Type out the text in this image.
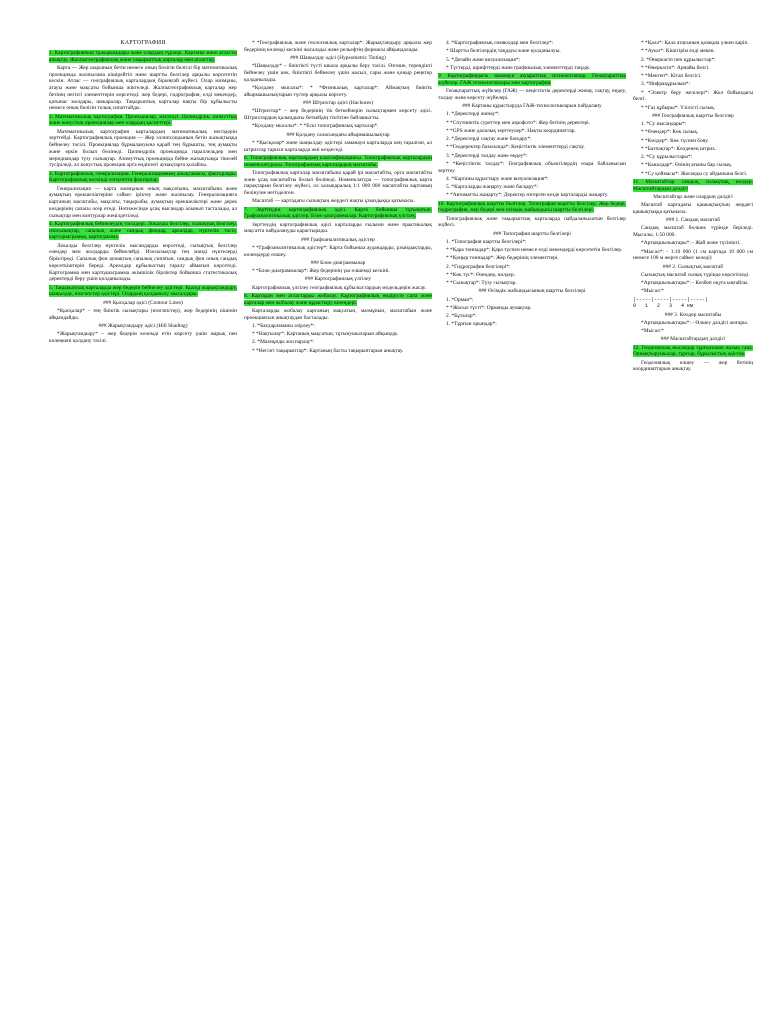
КАРТОГРАФИЯ

1. Картографияның тұжырымдары және олардың түрлері. Картаны және атласты анықтау. Жалпыгеографиялық және тақырыптық карталар мен атластар.

Карта — Жер шарының бетін немесе оның бөлігін белгілі бір математикалық проекцияда жалпылама кішірейтіп және шартты белгілер арқылы көрсететін кескін. Атлас — географиялық карталардың бірыңғай жүйесі. Олар мазмұны, атауы және мақсаты бойынша жіктеледі. Жалпыгеографиялық карталар жер бетінің негізгі элементтерін көрсетеді: жер бедері, гидрография, елді мекендер, қатынас жолдары, шекаралар. Тақырыптық карталар нақты бір құбылысты немесе оның бөлігін толық сипаттайды.

2. Математикалық картография. Проекциялар, жіктелуі. Цилиндрлік, азимуттық және конустық проекциялар мен олардың қасиеттері.

Математикалық картография карталардың математикалық негіздерін зерттейді. Картографиялық проекция — Жер эллипсоидының бетін жазықтыққа бейнелеу тәсілі. Проекциялар бұрмалануына қарай тең бұрышты, тең аумақты және еркін болып бөлінеді. Цилиндрлік проекцияда параллельдер мен меридиандар түзу сызықтар. Азимуттық проекцияда бейне жазықтыққа тікелей түсіріледі, ал конустық проекция орта ендіктегі аумақтарға қолайлы.

3. Картографиялық генерализация. Генерализацияның анықтамасы, факторлары. Картографиялық кескінді өзгертетін факторлар.

Генерализация — карта мазмұнын оның мақсатына, масштабына және аумақтың ерекшеліктеріне сәйкес іріктеу және жалпылау. Генерализацияға картаның масштабы, мақсаты, тақырыбы, аумақтың ерекшеліктері және дерек көздерінің сапасы әсер етеді. Нәтижесінде ұсақ нысандар алынып тасталады, ал сызықтар мен контурлар жеңілдетіледі.

4. Картографиялық бейнелеудің тәсілдері. Локалды белгілер, сызықтық белгілер, изосызықтар, сапалық және сандық фондар, ареалдар, нүктелік тәсіл, картодиаграмма, картограмма.

Локалды белгілер нүктелік нысандарды көрсетеді, сызықтық белгілер өзендер мен жолдарды бейнелейді. Изосызықтар тең мәнді нүктелерді біріктіреді. Сапалық фон аумақтың сапалық сипатын, сандық фон оның сандық көрсеткіштерін береді. Ареалдар құбылыстың таралу аймағын көрсетеді. Картограмма мен картодиаграмма әкімшілік бірліктер бойынша статистикалық деректерді беру үшін қолданылады.

5. Тақырыптық карталарда жер бедерін бейнелеу әдістері. Қысқа жарықтандыру, шаңылдау, изогипстер әдістері. Олардың қолданылу мысалдары.

### Қысқалар әдісі (Contour Lines)

*Қысқалар* – тең биіктік сызықтары (изогипстер), жер бедерінің пішінін айқындайды.

### Жарықтандыру әдісі (Hill Shading)

*Жарықтандыру* – жер бедерін көлемді етіп көрсету үшін жарық пен көлеңкені қолдану тәсілі.

* *Географиялық және геологиялық карталар*: Жарықтандыру арқылы жер бедерінің көлемді кескіні жасалады және рельефтің формасы айқындалады.

### Шаңылдау әдісі (Hypsometric Tinting)

*Шаңылдау* – биіктікті түсті шкала арқылы беру тәсілі. Өзгеше, тереңдікті бейнелеу үшін көк, биіктікті бейнелеу үшін жасыл, сары және қоңыр реңктер қолданылады.

*Қолдану мысалы*: * *Физикалық карталар*: Аймақтың биіктік айырмашылықтарын түстер арқылы көрсету.

### Штрихтар әдісі (Hachures)

*Штрихтар* – жер бедерінің тік беткейлерін сызықтармен көрсету әдісі. Штрихтардың қалыңдығы беткейдің тіктігіне байланысты.

*Қолдану мысалы*: * *Ескі топографиялық карталар*.

### Қолдану саласындағы айырмашылықтар

* *Қысқалар* және шаңылдау әдістері заманауи карталарда кең таралған, ал штрихтар тарихи карталарда жиі кездеседі.

6. Топографиялық карталардың классификациясы. Топографиялық карталардың номенклатурасы. Топографиялық карталардың масштабы.

Топографиялық карталар масштабына қарай ірі масштабты, орта масштабты және ұсақ масштабты болып бөлінеді. Номенклатура — топографиялық карта парақтарын белгілеу жүйесі, ол халықаралық 1:1 000 000 масштабты картаның бөлінуіне негізделген.

Масштаб — картадағы сызықтың жердегі нақты ұзындыққа қатынасы.

7. Зерттеудің картографиялық әдісі. Карта бойынша тұтынатын. Графоаналитикалық әдістер. Блок-диаграммалар. Картографиялық үлгілеу.

Зерттеудің картографиялық әдісі карталарды ғылыми және практикалық мақсатта пайдалануды қарастырады.

### Графоаналитикалық әдістер

* *Графоаналитикалық әдістер*: Карта бойынша аудандарды, ұзындықтарды, көлемдерді өлшеу.

### Блок-диаграммалар

* *Блок-диаграммалар*: Жер бедерінің үш өлшемді кескіні.

### Картографиялық үлгілеу

Картографиялық үлгілеу географиялық құбылыстардың модельдерін жасау.

8. Картадан мен атластарды жобалау. Картографиялық өндірісте сапа және карталар мен жобалау және құрастыру кезеңдері.

Карталарды жобалау картаның мақсатын, мазмұнын, масштабын және проекциясын анықтаудан басталады.

1. *Бағдарламаны әзірлеу*:

* *Нақтылау*: Картаның мақсатын, тұтынушыларын айқындау.

2. *Мазмұнды жоспарлау*:

* *Негізгі тақырыптар*: Картаның басты тақырыптарын анықтау.

4. *Картографиялық символдар мен белгілер*:

* Шартты белгілердің таңдауы және қолданылуы.

5. *Дизайн және визуализация*:

* Түстерді, шрифттерді және графикалық элементтерді таңдау.

9. Картографиядағы заманауи ақпараттық технологиялар. Геоақпараттық жүйелер. ГАЖ технологиялары мен картография.

Геоақпараттық жүйелер (ГАЖ) — кеңістіктік деректерді жинау, сақтау, өңдеу, талдау және көрсету жүйелері.

### Картаны құрастыруда ГАЖ-технологияларын пайдалану

1. *Деректерді жинау*:

* *Спутниктік суреттер мен аэрофото*: Жер бетінің деректері.

* *GPS және далалық зерттеулер*: Нақты координаттар.

2. *Деректерді сақтау және басқару*:

* *Геодеректер базасында*: Кеңістіктік элементтерді сақтау.

3. *Деректерді талдау және өңдеу*:

* *Кеңістіктік талдау*: Географиялық объектілердің өзара байланысын зерттеу.

4. *Картаны құрастыру және визуализация*:

5. *Карталарды жаңарту және басқару*:

* *Автоматты жаңарту*: Деректер өзгерген кезде карталарды жаңарту.

10. Картографиялық шартты белгілер. Топография шартты белгілер. Жер бедері, гидрография, жер бедері мен өсімдік жабындысы шартты белгілері.

Топографиялық және тақырыптық карталарда пайдаланылатын белгілер жүйесі.

### Топография шартты белгілері

1. *Топография шартты белгілері*:

* *Қара тоннадар*: Қара түспен немесе елді мекендерді көрсететін белгілер.

* *Қоңыр тоннадар*: Жер бедерінің элементтері.

2. *Гидрография белгілері*:

* *Көк түс*: Өзендер, көлдер.

* *Сызықтар*: Түзу сызықтар.

### Өсімдік жабындысының шартты белгілері

1. *Орман*:

* *Жасыл түсті*: Орманды аумақтар.

2. *Бұталар*:

1. *Тұрғын орындар*:

* *Қала*: Қала атауының қазақша үлкен қаріп.

* *Ауыл*: Кішігірім елді мекен.

2. *Өнеркәсіп пен құрылыстар*:

* *Өнеркәсіп*: Арнайы белгі.

* *Мектеп*: Кітап белгісі.

3. *Инфрақұрылым*:

* *Электр беру желілері*: Жол бойындағы белгі.

* *Газ құбыры*: Үзілісті сызық.

### Географиялық шартты белгілер

1. *Су нысандары*:

* *Өзендер*: Көк сызық.

* *Көлдер*: Көк түспен бояу.

* *Батпақтар*: Көлденең штрих.

2. *Су құрылыстары*:

* *Каналдар*: Өзінің ағыны бар сызық.

* *Су қоймасы*: Жасанды су айдынына белгі.

11. Масштабтар: сандық, сызықтық, көлдер. Масштабтардың дәлдігі

Масштабтар және олардың дәлдігі

Масштаб картадағы қашықтықтың жердегі қашықтыққа қатынасы.

### 1. Сандық масштаб

Сандық масштаб бөлшек түрінде беріледі. Мысалы, 1:50 000.

*Артықшылықтары*: - Жай және түсінікті.

*Мысал*: - 1:10 000 (1 см картада 10 000 см немесе 100 м жерге сәйкес келеді)

### 2. Сызықтық масштаб

Сызықтық масштаб сызық түрінде көрсетіледі.

*Артықшылықтары*: - Көзбен оқуға ыңғайлы.

*Мысал:*

|-----|-----|-----|-----|
0   1   2   3   4 км

### 3. Көлдер масштабы

*Артықшылықтары*: - Өлшеу дәлдігі жоғары.

*Мысал:*

### Масштабтардың дәлдігі

12. Геодезиялық нысандар тұрғысынан жазық сана. Орнықтырушылар, тұрғыр, бұрылыстық әдістер.

Геодезиялық өлшеу — жер бетінің координаттарын анықтау.
